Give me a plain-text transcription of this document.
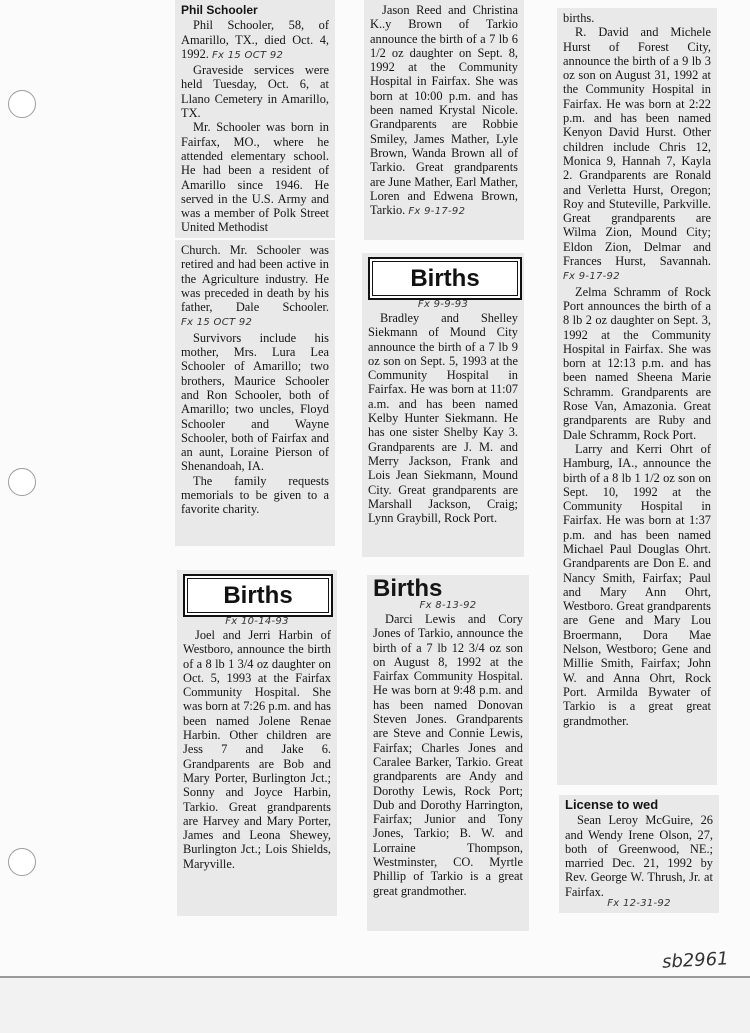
Phil Schooler

Phil Schooler, 58, of Amarillo, TX., died Oct. 4, 1992. Fx 15 OCT 92

Graveside services were held Tuesday, Oct. 6, at Llano Cemetery in Amarillo, TX.

Mr. Schooler was born in Fairfax, MO., where he attended elementary school. He had been a resident of Amarillo since 1946. He served in the U.S. Army and was a member of Polk Street United Methodist

Church. Mr. Schooler was retired and had been active in the Agriculture industry. He was preceded in death by his father, Dale Schooler. Fx 15 OCT 92

Survivors include his mother, Mrs. Lura Lea Schooler of Amarillo; two brothers, Maurice Schooler and Ron Schooler, both of Amarillo; two uncles, Floyd Schooler and Wayne Schooler, both of Fairfax and an aunt, Loraine Pierson of Shenandoah, IA.

The family requests memorials to be given to a favorite charity.

Births
Fx 10-14-93

Joel and Jerri Harbin of Westboro, announce the birth of a 8 lb 1 3/4 oz daughter on Oct. 5, 1993 at the Fairfax Community Hospital. She was born at 7:26 p.m. and has been named Jolene Renae Harbin. Other children are Jess 7 and Jake 6. Grandparents are Bob and Mary Porter, Burlington Jct.; Sonny and Joyce Harbin, Tarkio. Great grandparents are Harvey and Mary Porter, James and Leona Shewey, Burlington Jct.; Lois Shields, Maryville.

Jason Reed and Christina K..y Brown of Tarkio announce the birth of a 7 lb 6 1/2 oz daughter on Sept. 8, 1992 at the Community Hospital in Fairfax. She was born at 10:00 p.m. and has been named Krystal Nicole. Grandparents are Robbie Smiley, James Mather, Lyle Brown, Wanda Brown all of Tarkio. Great grandparents are June Mather, Earl Mather, Loren and Edwena Brown, Tarkio. Fx 9-17-92

Births
Fx 9-9-93

Bradley and Shelley Siekmann of Mound City announce the birth of a 7 lb 9 oz son on Sept. 5, 1993 at the Community Hospital in Fairfax. He was born at 11:07 a.m. and has been named Kelby Hunter Siekmann. He has one sister Shelby Kay 3. Grandparents are J. M. and Merry Jackson, Frank and Lois Jean Siekmann, Mound City. Great grandparents are Marshall Jackson, Craig; Lynn Graybill, Rock Port.

Births
Fx 8-13-92

Darci Lewis and Cory Jones of Tarkio, announce the birth of a 7 lb 12 3/4 oz son on August 8, 1992 at the Fairfax Community Hospital. He was born at 9:48 p.m. and has been named Donovan Steven Jones. Grandparents are Steve and Connie Lewis, Fairfax; Charles Jones and Caralee Barker, Tarkio. Great grandparents are Andy and Dorothy Lewis, Rock Port; Dub and Dorothy Harrington, Fairfax; Junior and Tony Jones, Tarkio; B. W. and Lorraine Thompson, Westminster, CO. Myrtle Phillip of Tarkio is a great great grandmother.

births.

R. David and Michele Hurst of Forest City, announce the birth of a 9 lb 3 oz son on August 31, 1992 at the Community Hospital in Fairfax. He was born at 2:22 p.m. and has been named Kenyon David Hurst. Other children include Chris 12, Monica 9, Hannah 7, Kayla 2. Grandparents are Ronald and Verletta Hurst, Oregon; Roy and Stuteville, Parkville. Great grandparents are Wilma Zion, Mound City; Eldon Zion, Delmar and Frances Hurst, Savannah. Fx 9-17-92

Zelma Schramm of Rock Port announces the birth of a 8 lb 2 oz daughter on Sept. 3, 1992 at the Community Hospital in Fairfax. She was born at 12:13 p.m. and has been named Sheena Marie Schramm. Grandparents are Rose Van, Amazonia. Great grandparents are Ruby and Dale Schramm, Rock Port.

Larry and Kerri Ohrt of Hamburg, IA., announce the birth of a 8 lb 1 1/2 oz son on Sept. 10, 1992 at the Community Hospital in Fairfax. He was born at 1:37 p.m. and has been named Michael Paul Douglas Ohrt. Grandparents are Don E. and Nancy Smith, Fairfax; Paul and Mary Ann Ohrt, Westboro. Great grandparents are Gene and Mary Lou Broermann, Dora Mae Nelson, Westboro; Gene and Millie Smith, Fairfax; John W. and Anna Ohrt, Rock Port. Armilda Bywater of Tarkio is a great great grandmother.

License to wed

Sean Leroy McGuire, 26 and Wendy Irene Olson, 27, both of Greenwood, NE.; married Dec. 21, 1992 by Rev. George W. Thrush, Jr. at Fairfax.

Fx 12-31-92
sb2961
